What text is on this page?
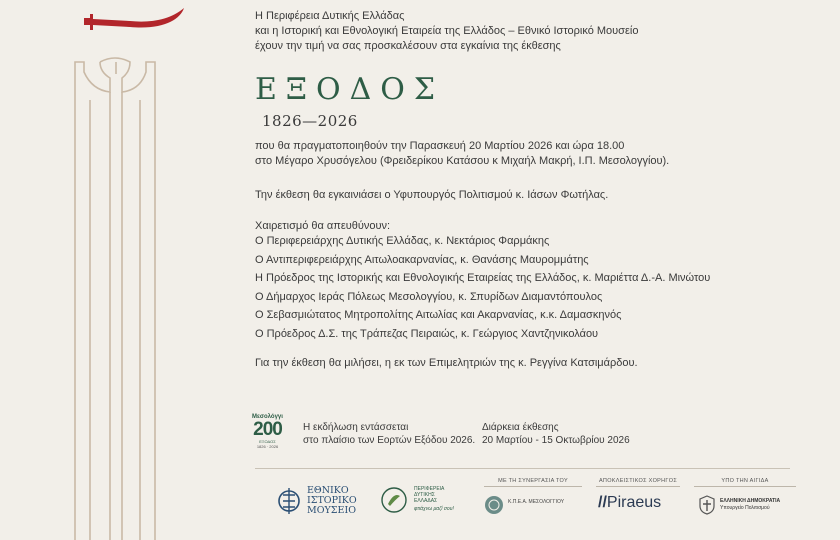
Η Περιφέρεια Δυτικής Ελλάδας
και η Ιστορική και Εθνολογική Εταιρεία της Ελλάδος – Εθνικό Ιστορικό Μουσείο
έχουν την τιμή να σας προσκαλέσουν στα εγκαίνια της έκθεσης
ΕΞΟΔΟΣ
1826—2026
που θα πραγματοποιηθούν την Παρασκευή 20 Μαρτίου 2026 και ώρα 18.00
στο Μέγαρο Χρυσόγελου (Φρειδερίκου Κατάσου κ Μιχαήλ Μακρή, Ι.Π. Μεσολογγίου).
Την έκθεση θα εγκαινιάσει ο Υφυπουργός Πολιτισμού κ. Ιάσων Φωτήλας.
Χαιρετισμό θα απευθύνουν:
Ο Περιφερειάρχης Δυτικής Ελλάδας, κ. Νεκτάριος Φαρμάκης
Ο Αντιπεριφερειάρχης Αιτωλοακαρνανίας, κ. Θανάσης Μαυρομμάτης
Η Πρόεδρος της Ιστορικής και Εθνολογικής Εταιρείας της Ελλάδος, κ. Μαριέττα Δ.-Α. Μινώτου
Ο Δήμαρχος Ιεράς Πόλεως Μεσολογγίου, κ. Σπυρίδων Διαμαντόπουλος
Ο Σεβασμιώτατος Μητροπολίτης Αιτωλίας και Ακαρνανίας, κ.κ. Δαμασκηνός
Ο Πρόεδρος Δ.Σ. της Τράπεζας Πειραιώς, κ. Γεώργιος Χαντζηνικολάου
Για την έκθεση θα μιλήσει, η εκ των Επιμελητριών της κ. Ρεγγίνα Κατσιμάρδου.
Μεσολόγγι
200
ΕΞΟΔΟΣ
1826 · 2026
Η εκδήλωση εντάσσεται
στο πλαίσιο των Εορτών Εξόδου 2026.
Διάρκεια έκθεσης
20 Μαρτίου - 15 Οκτωβρίου 2026
ΕΘΝΙΚΟ
ΙΣΤΟΡΙΚΟ
ΜΟΥΣΕΙΟ
ΠΕΡΙΦΕΡΕΙΑ
ΔΥΤΙΚΗΣ
ΕΛΛΑΔΑΣ
φτιάχνω μαζί σου!
ΜΕ ΤΗ ΣΥΝΕΡΓΑΣΙΑ ΤΟΥ
Κ.Π.Ε.Α. ΜΕΣΟΛΟΓΓΙΟΥ
ΑΠΟΚΛΕΙΣΤΙΚΟΣ ΧΟΡΗΓΟΣ
//Piraeus
ΥΠΟ ΤΗΝ ΑΙΓΙΔΑ
ΕΛΛΗΝΙΚΗ ΔΗΜΟΚΡΑΤΙΑ
Υπουργείο Πολιτισμού
